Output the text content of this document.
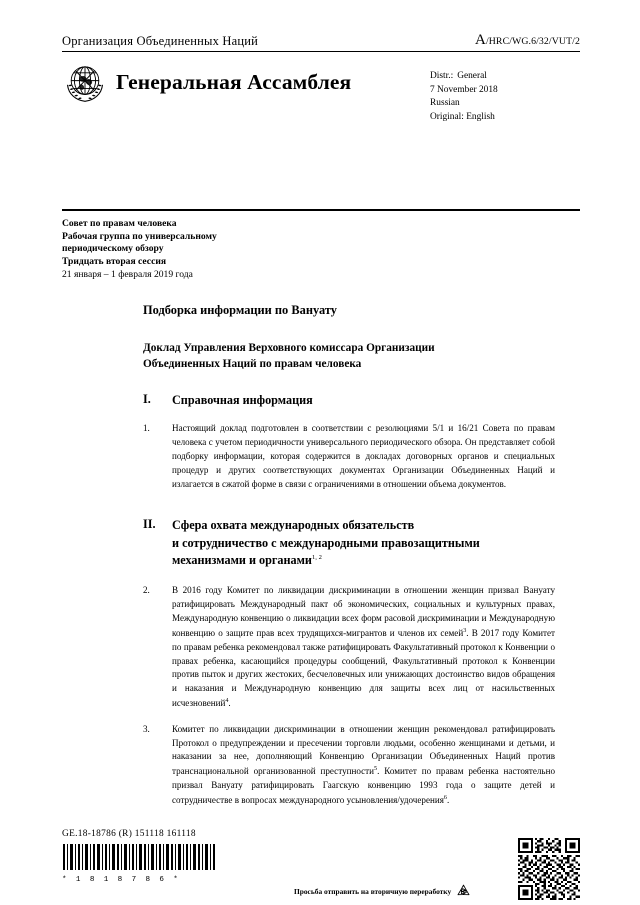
Организация Объединенных Наций	A/HRC/WG.6/32/VUT/2
Генеральная Ассамблея	Distr.: General
7 November 2018
Russian
Original: English
Совет по правам человека
Рабочая группа по универсальному
периодическому обзору
Тридцать вторая сессия
21 января – 1 февраля 2019 года
Подборка информации по Вануату
Доклад Управления Верховного комиссара Организации
Объединенных Наций по правам человека
I.	Справочная информация
1.	Настоящий доклад подготовлен в соответствии с резолюциями 5/1 и 16/21 Совета по правам человека с учетом периодичности универсального периодического обзора. Он представляет собой подборку информации, которая содержится в докладах договорных органов и специальных процедур и других соответствующих документах Организации Объединенных Наций и излагается в сжатой форме в связи с ограничениями в отношении объема документов.
II.	Сфера охвата международных обязательств
и сотрудничество с международными правозащитными
механизмами и органами$^{1, 2}$
2.	В 2016 году Комитет по ликвидации дискриминации в отношении женщин призвал Вануату ратифицировать Международный пакт об экономических, социальных и культурных правах, Международную конвенцию о ликвидации всех форм расовой дискриминации и Международную конвенцию о защите прав всех трудящихся-мигрантов и членов их семей$^3$. В 2017 году Комитет по правам ребенка рекомендовал также ратифицировать Факультативный протокол к Конвенции о правах ребенка, касающийся процедуры сообщений, Факультативный протокол к Конвенции против пыток и других жестоких, бесчеловечных или унижающих достоинство видов обращения и наказания и Международную конвенцию для защиты всех лиц от насильственных исчезновений$^4$.
3.	Комитет по ликвидации дискриминации в отношении женщин рекомендовал ратифицировать Протокол о предупреждении и пресечении торговли людьми, особенно женщинами и детьми, и наказании за нее, дополняющий Конвенцию Организации Объединенных Наций против транснациональной организованной преступности$^5$. Комитет по правам ребенка настоятельно призвал Вануату ратифицировать Гаагскую конвенцию 1993 года о защите детей и сотрудничестве в вопросах международного усыновления/удочерения$^6$.
GE.18-18786 (R) 151118 161118
* 1 8 1 8 7 8 6 *
Просьба отправить на вторичную переработку
